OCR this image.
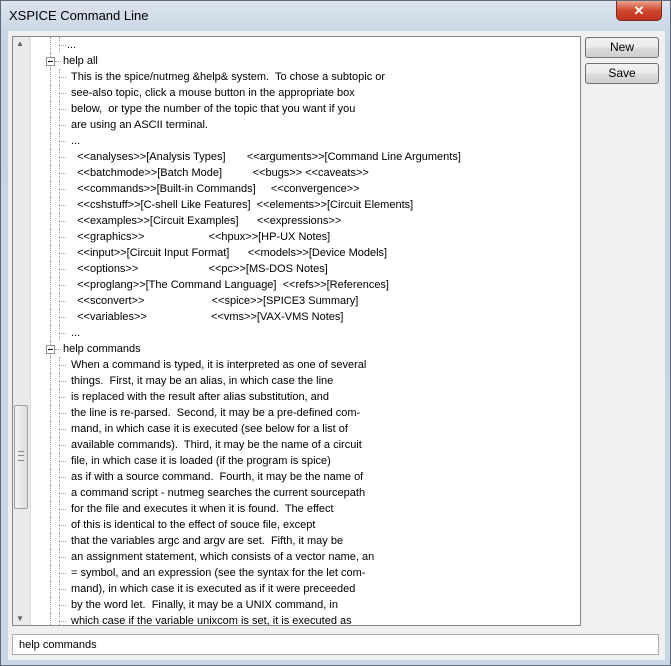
XSPICE Command Line	✕
▲
▼
...
help all
This is the spice/nutmeg &help& system.  To chose a subtopic or
see-also topic, click a mouse button in the appropriate box
below,  or type the number of the topic that you want if you
are using an ASCII terminal.
...
<<analyses>>[Analysis Types]       <<arguments>>[Command Line Arguments]
<<batchmode>>[Batch Mode]          <<bugs>> <<caveats>>
<<commands>>[Built-in Commands]     <<convergence>>
<<cshstuff>>[C-shell Like Features]  <<elements>>[Circuit Elements]
<<examples>>[Circuit Examples]      <<expressions>>
<<graphics>>                     <<hpux>>[HP-UX Notes]
<<input>>[Circuit Input Format]      <<models>>[Device Models]
<<options>>                       <<pc>>[MS-DOS Notes]
<<proglang>>[The Command Language]  <<refs>>[References]
<<sconvert>>                      <<spice>>[SPICE3 Summary]
<<variables>>                     <<vms>>[VAX-VMS Notes]
...
help commands
When a command is typed, it is interpreted as one of several
things.  First, it may be an alias, in which case the line
is replaced with the result after alias substitution, and
the line is re-parsed.  Second, it may be a pre-defined com-
mand, in which case it is executed (see below for a list of
available commands).  Third, it may be the name of a circuit
file, in which case it is loaded (if the program is spice)
as if with a source command.  Fourth, it may be the name of
a command script - nutmeg searches the current sourcepath
for the file and executes it when it is found.  The effect
of this is identical to the effect of souce file, except
that the variables argc and argv are set.  Fifth, it may be
an assignment statement, which consists of a vector name, an
= symbol, and an expression (see the syntax for the let com-
mand), in which case it is executed as if it were preceeded
by the word let.  Finally, it may be a UNIX command, in
which case if the variable unixcom is set, it is executed as
New
Save
help commands
